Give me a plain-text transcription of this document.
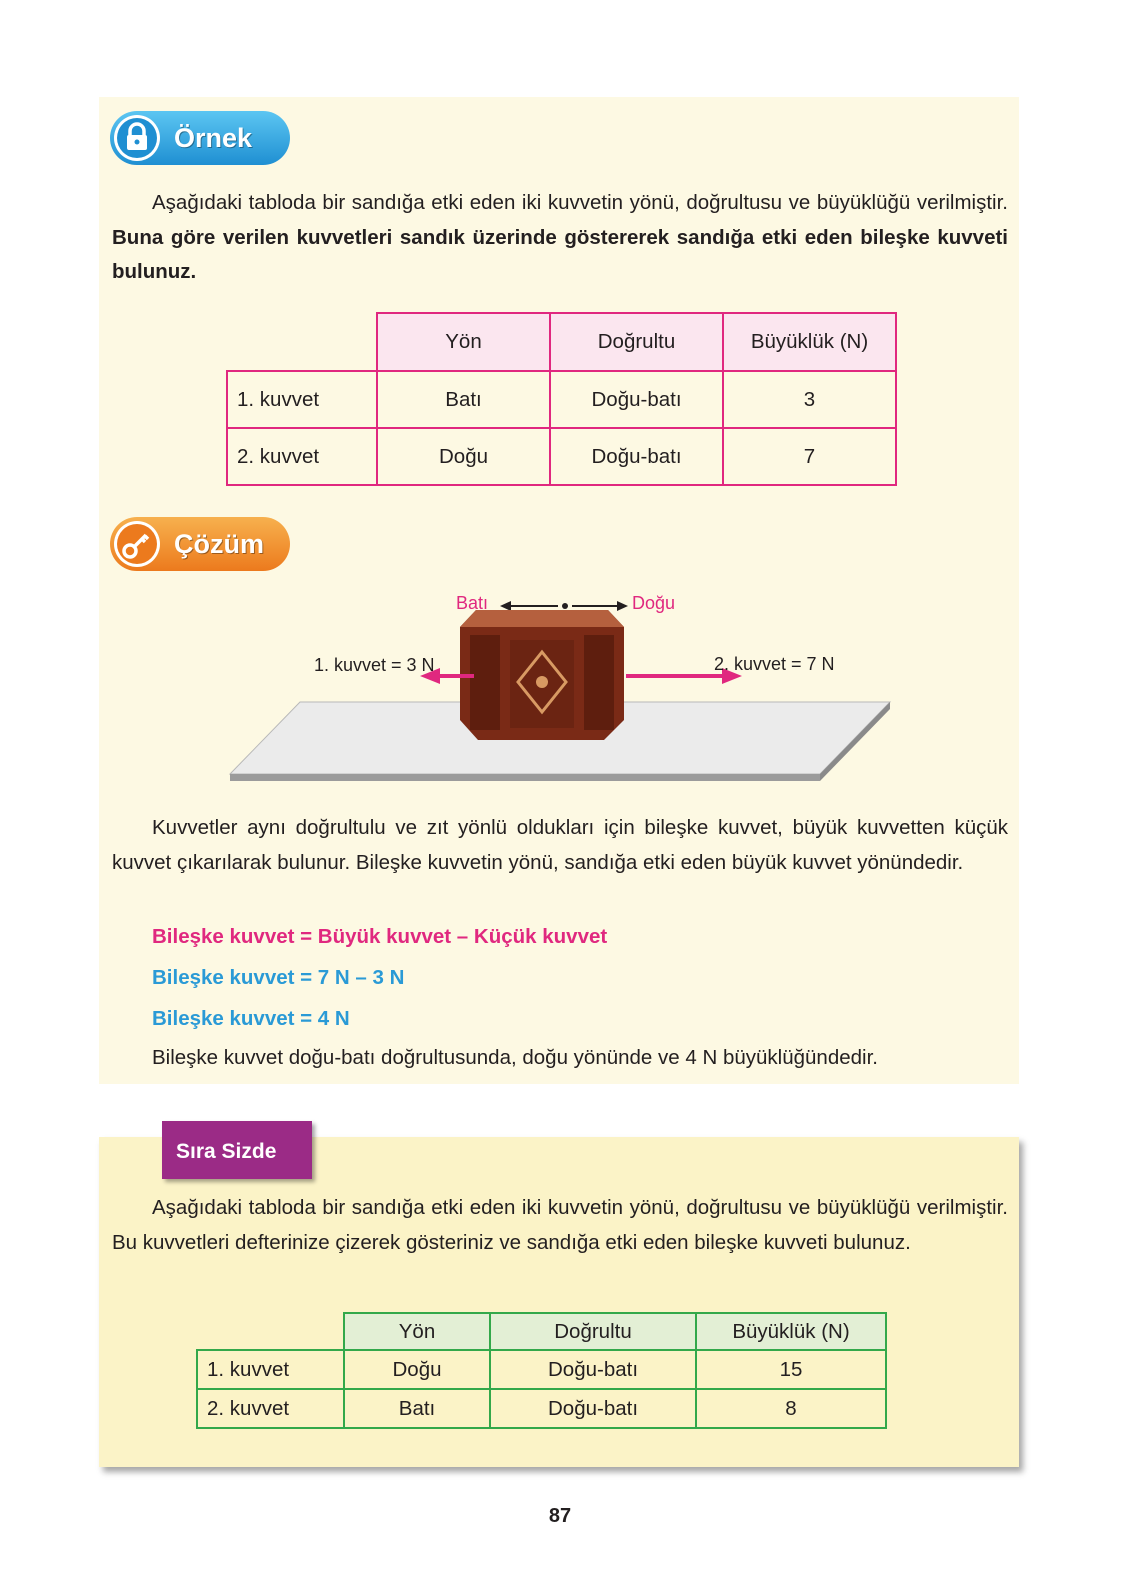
Örnek
Aşağıdaki tabloda bir sandığa etki eden iki kuvvetin yönü, doğrultusu ve büyüklüğü verilmiştir. Buna göre verilen kuvvetleri sandık üzerinde göstererek sandığa etki eden bileşke kuvveti bulunuz.
	Yön	Doğrultu	Büyüklük (N)
1. kuvvet	Batı	Doğu-batı	3
2. kuvvet	Doğu	Doğu-batı	7
Çözüm
Batı	Doğu
1. kuvvet = 3 N	2. kuvvet = 7 N
Kuvvetler aynı doğrultulu ve zıt yönlü oldukları için bileşke kuvvet, büyük kuvvetten küçük kuvvet çıkarılarak bulunur. Bileşke kuvvetin yönü, sandığa etki eden büyük kuvvet yönündedir.
Bileşke kuvvet = Büyük kuvvet – Küçük kuvvet
Bileşke kuvvet = 7 N – 3 N
Bileşke kuvvet = 4 N
Bileşke kuvvet doğu-batı doğrultusunda, doğu yönünde ve 4 N büyüklüğündedir.
Sıra Sizde
Aşağıdaki tabloda bir sandığa etki eden iki kuvvetin yönü, doğrultusu ve büyüklüğü verilmiştir. Bu kuvvetleri defterinize çizerek gösteriniz ve sandığa etki eden bileşke kuvveti bulunuz.
	Yön	Doğrultu	Büyüklük (N)
1. kuvvet	Doğu	Doğu-batı	15
2. kuvvet	Batı	Doğu-batı	8
87
